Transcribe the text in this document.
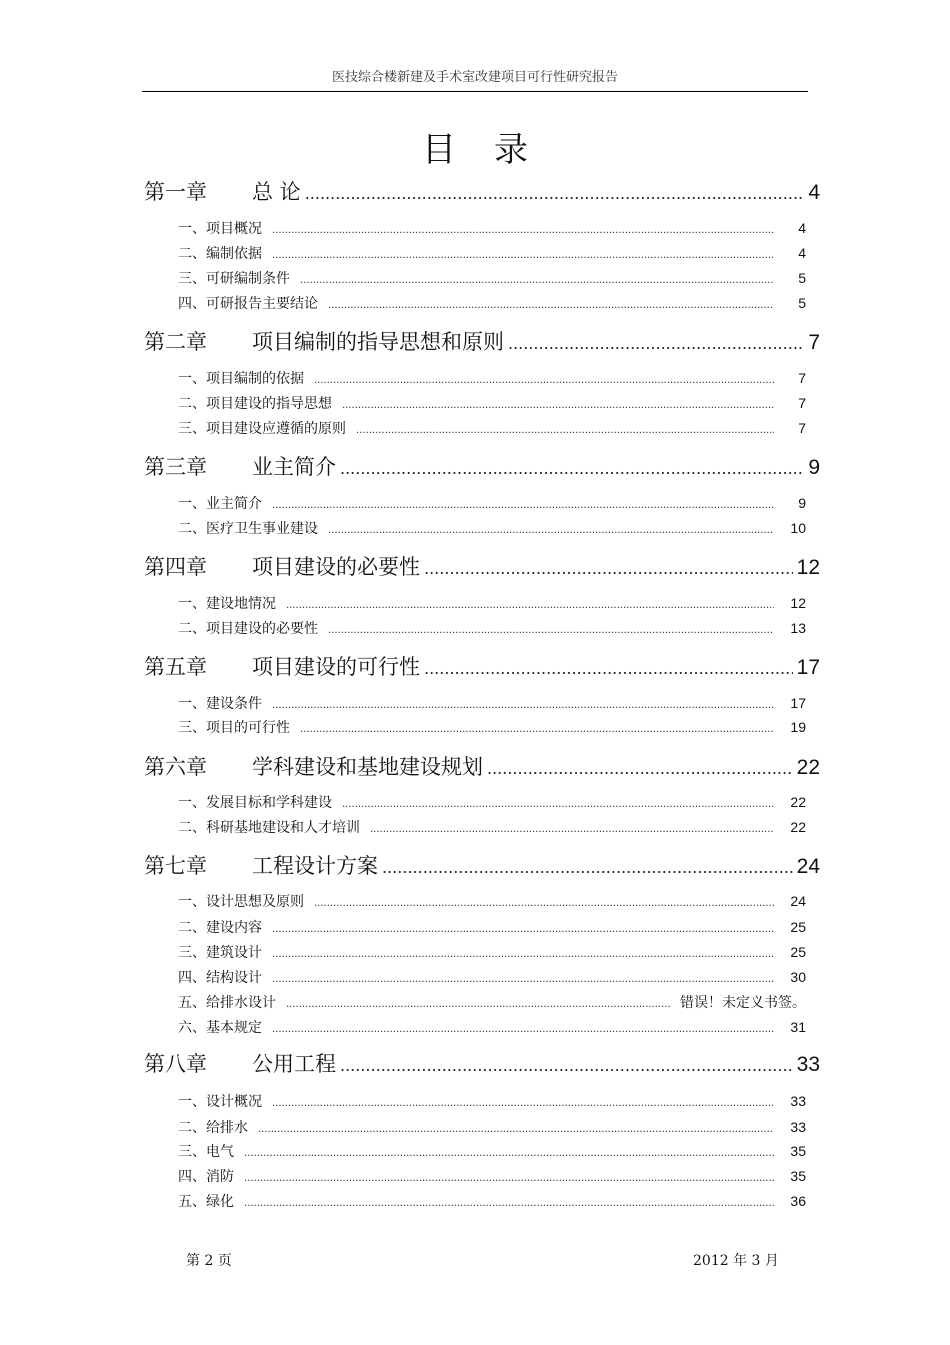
医技综合楼新建及手术室改建项目可行性研究报告
目录
第一章	总 论 .....	4
一、项目概况 .....	4
二、编制依据 .....	4
三、可研编制条件 .....	5
四、可研报告主要结论 .....	5
第二章	项目编制的指导思想和原则 .....	7
一、项目编制的依据 .....	7
二、项目建设的指导思想 .....	7
三、项目建设应遵循的原则 .....	7
第三章	业主简介 .....	9
一、业主简介 .....	9
二、医疗卫生事业建设 .....	10
第四章	项目建设的必要性 .....	12
一、建设地情况 .....	12
二、项目建设的必要性 .....	13
第五章	项目建设的可行性 .....	17
一、建设条件 .....	17
三、项目的可行性 .....	19
第六章	学科建设和基地建设规划 .....	22
一、发展目标和学科建设 .....	22
二、科研基地建设和人才培训 .....	22
第七章	工程设计方案 .....	24
一、设计思想及原则 .....	24
二、建设内容 .....	25
三、建筑设计 .....	25
四、结构设计 .....	30
五、给排水设计 .....	错误！未定义书签。
六、基本规定 .....	31
第八章	公用工程 .....	33
一、设计概况 .....	33
二、给排水 .....	33
三、电气 .....	35
四、消防 .....	35
五、绿化 .....	36
第 2 页	2012 年 3 月
